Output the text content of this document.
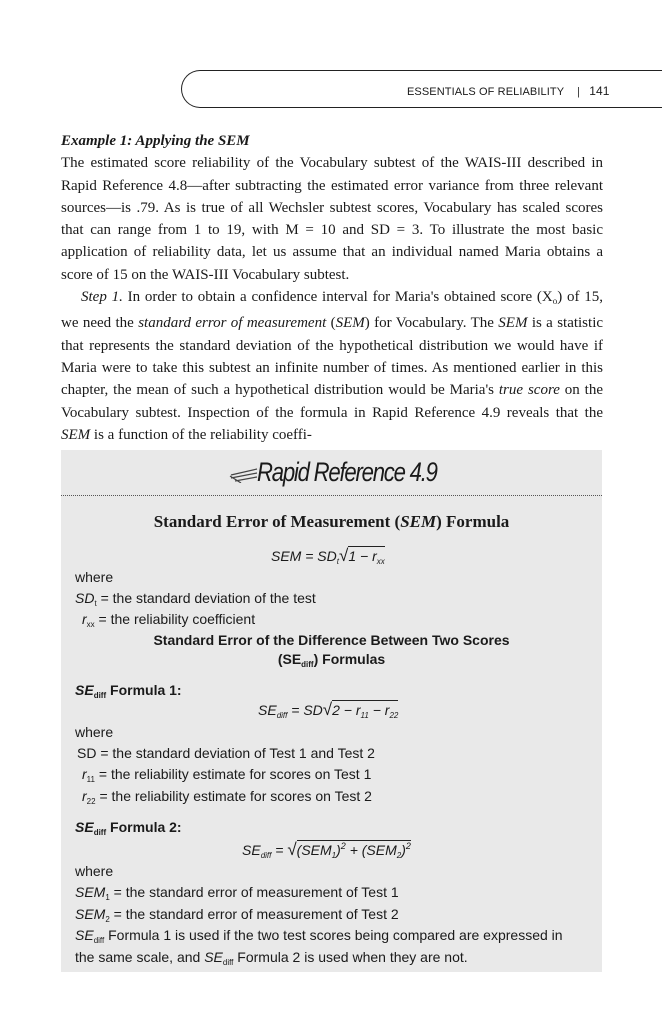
ESSENTIALS OF RELIABILITY | 141
Example 1: Applying the SEM

The estimated score reliability of the Vocabulary subtest of the WAIS-III described in Rapid Reference 4.8—after subtracting the estimated error variance from three relevant sources—is .79. As is true of all Wechsler subtest scores, Vocabulary has scaled scores that can range from 1 to 19, with M = 10 and SD = 3. To illustrate the most basic application of reliability data, let us assume that an individual named Maria obtains a score of 15 on the WAIS-III Vocabulary subtest.

Step 1. In order to obtain a confidence interval for Maria's obtained score $(X_o)$ of 15, we need the standard error of measurement (SEM) for Vocabulary. The SEM is a statistic that represents the standard deviation of the hypothetical distribution we would have if Maria were to take this subtest an infinite number of times. As mentioned earlier in this chapter, the mean of such a hypothetical distribution would be Maria's true score on the Vocabulary subtest. Inspection of the formula in Rapid Reference 4.9 reveals that the SEM is a function of the reliability coeffi-

Rapid Reference 4.9
Standard Error of Measurement (SEM) Formula
SEM = $SD_t√1 - r_{xx}$
where
$SD_t$ = the standard deviation of the test
$r_{xx}$ = the reliability coefficient
Standard Error of the Difference Between Two Scores
$(SE_{diff})$ Formulas
$SE_{diff}$ Formula 1:
$SE_{diff} = SD√2 - r_{11} - r_{22}$
where
SD = the standard deviation of Test 1 and Test 2
$r_{11}$ = the reliability estimate for scores on Test 1
$r_{22}$ = the reliability estimate for scores on Test 2
$SE_{diff}$ Formula 2:
$SE_{diff} = √(SEM_1)^2 + (SEM_2)^2$
where
$SEM_1$ = the standard error of measurement of Test 1
$SEM_2$ = the standard error of measurement of Test 2
$SE_{diff}$ Formula 1 is used if the two test scores being compared are expressed in the same scale, and $SE_{diff}$ Formula 2 is used when they are not.
